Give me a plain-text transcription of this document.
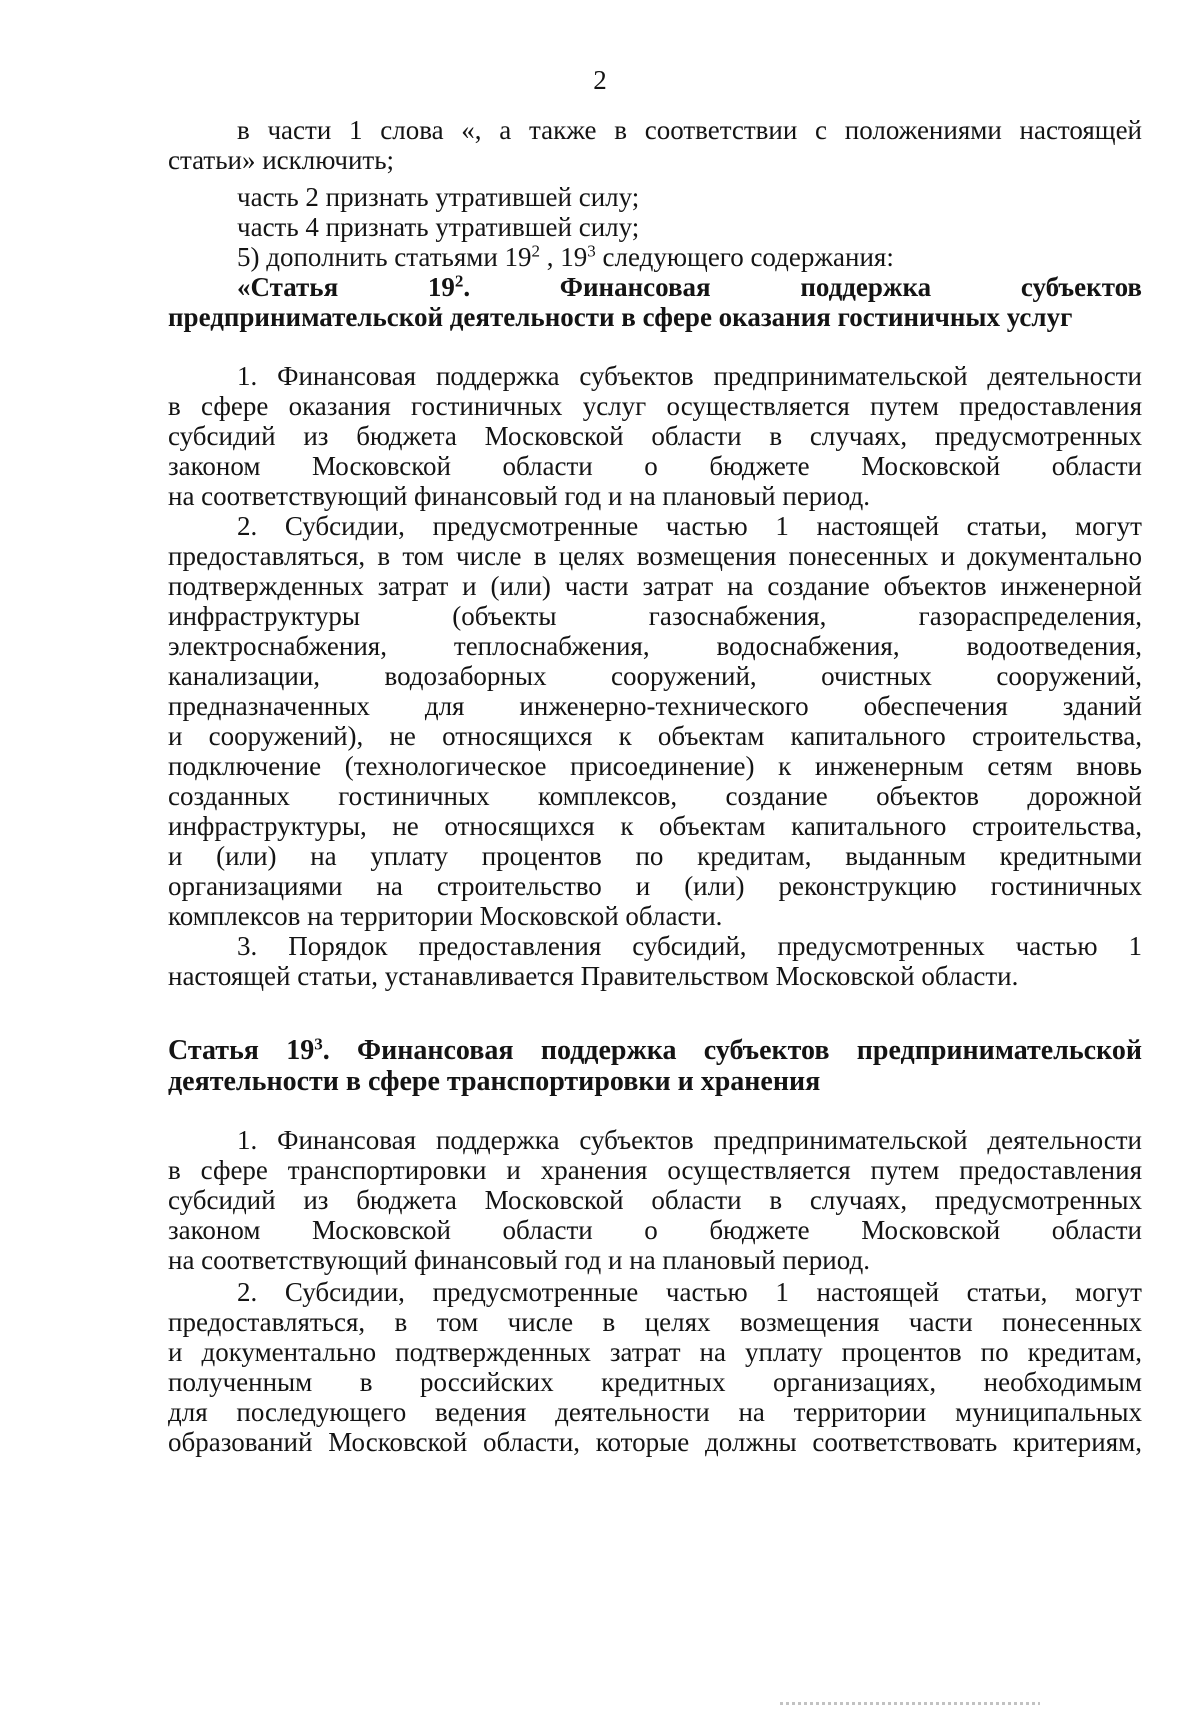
2
в части 1 слова «, а также в соответствии с положениями настоящей
статьи» исключить;
часть 2 признать утратившей силу;
часть 4 признать утратившей силу;
5) дополнить статьями $19^2$ , $19^3$ следующего содержания:
«Статья	$19^2$. Финансовая	поддержка	субъектов
предпринимательской деятельности в сфере оказания гостиничных услуг
1. Финансовая поддержка субъектов предпринимательской деятельности
в сфере оказания гостиничных услуг осуществляется путем предоставления
субсидий из бюджета Московской области в случаях, предусмотренных
законом Московской области о бюджете Московской области
на соответствующий финансовый год и на плановый период.
2. Субсидии, предусмотренные частью 1 настоящей статьи, могут
предоставляться, в том числе в целях возмещения понесенных и документально
подтвержденных затрат и (или) части затрат на создание объектов инженерной
инфраструктуры (объекты газоснабжения, газораспределения,
электроснабжения, теплоснабжения, водоснабжения, водоотведения,
канализации, водозаборных сооружений, очистных сооружений,
предназначенных для инженерно-технического обеспечения зданий
и сооружений), не относящихся к объектам капитального строительства,
подключение (технологическое присоединение) к инженерным сетям вновь
созданных гостиничных комплексов, создание объектов дорожной
инфраструктуры, не относящихся к объектам капитального строительства,
и (или) на уплату процентов по кредитам, выданным кредитными
организациями на строительство и (или) реконструкцию гостиничных
комплексов на территории Московской области.
3. Порядок предоставления субсидий, предусмотренных частью 1
настоящей статьи, устанавливается Правительством Московской области.
Статья $19^3$. Финансовая поддержка субъектов предпринимательской
деятельности в сфере транспортировки и хранения
1. Финансовая поддержка субъектов предпринимательской деятельности
в сфере транспортировки и хранения осуществляется путем предоставления
субсидий из бюджета Московской области в случаях, предусмотренных
законом Московской области о бюджете Московской области
на соответствующий финансовый год и на плановый период.
2. Субсидии, предусмотренные частью 1 настоящей статьи, могут
предоставляться, в том числе в целях возмещения части понесенных
и документально подтвержденных затрат на уплату процентов по кредитам,
полученным в российских кредитных организациях, необходимым
для последующего ведения деятельности на территории муниципальных
образований Московской области, которые должны соответствовать критериям,
